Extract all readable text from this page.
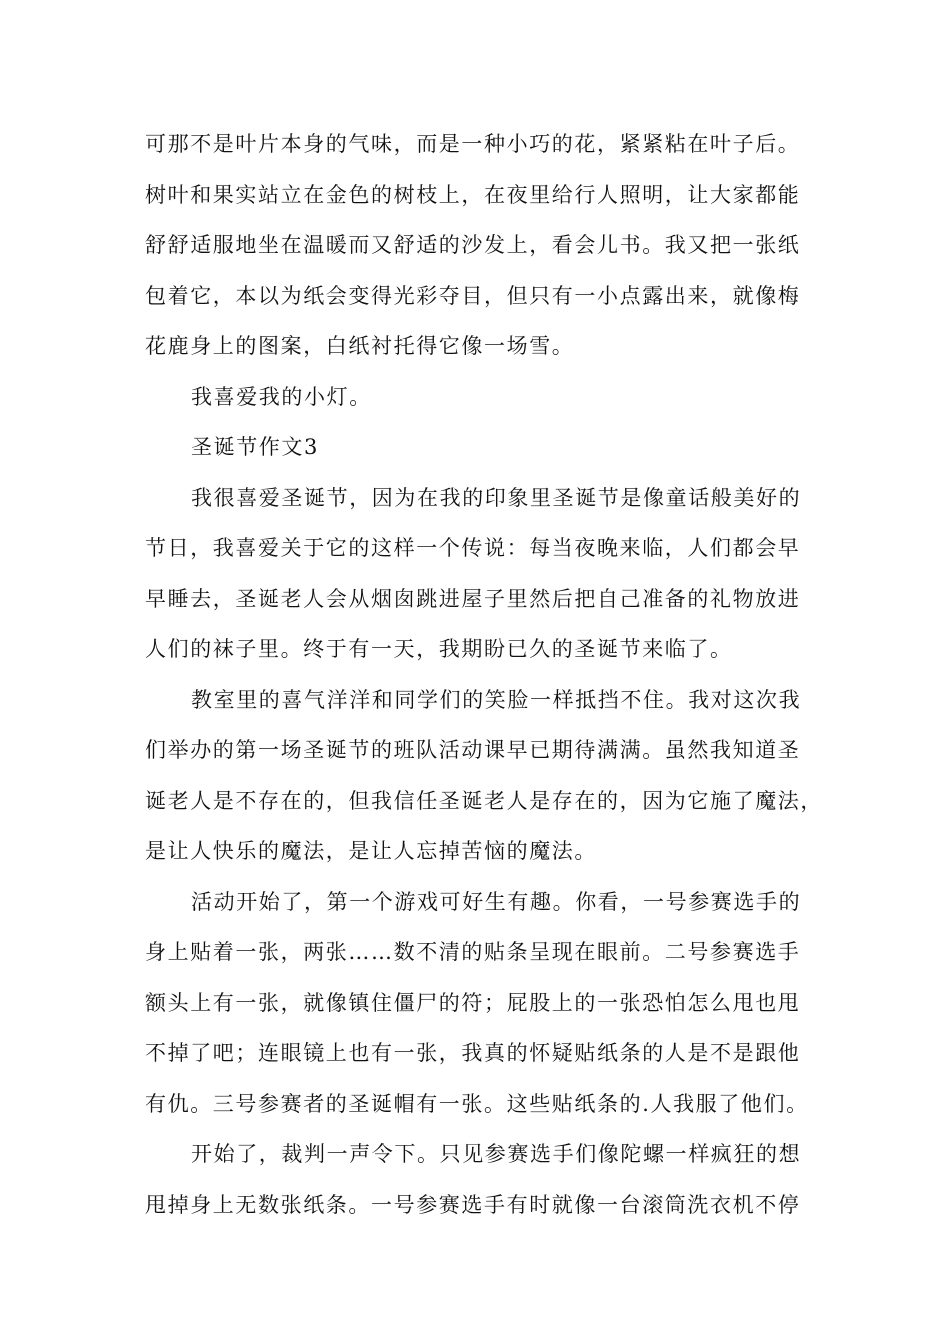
可那不是叶片本身的气味，而是一种小巧的花，紧紧粘在叶子后。
树叶和果实站立在金色的树枝上，在夜里给行人照明，让大家都能
舒舒适服地坐在温暖而又舒适的沙发上，看会儿书。我又把一张纸
包着它，本以为纸会变得光彩夺目，但只有一小点露出来，就像梅
花鹿身上的图案，白纸衬托得它像一场雪。
我喜爱我的小灯。
圣诞节作文3
我很喜爱圣诞节，因为在我的印象里圣诞节是像童话般美好的
节日，我喜爱关于它的这样一个传说：每当夜晚来临，人们都会早
早睡去，圣诞老人会从烟囱跳进屋子里然后把自己准备的礼物放进
人们的袜子里。终于有一天，我期盼已久的圣诞节来临了。
教室里的喜气洋洋和同学们的笑脸一样抵挡不住。我对这次我
们举办的第一场圣诞节的班队活动课早已期待满满。虽然我知道圣
诞老人是不存在的，但我信任圣诞老人是存在的，因为它施了魔法，
是让人快乐的魔法，是让人忘掉苦恼的魔法。
活动开始了，第一个游戏可好生有趣。你看，一号参赛选手的
身上贴着一张，两张……数不清的贴条呈现在眼前。二号参赛选手
额头上有一张，就像镇住僵尸的符；屁股上的一张恐怕怎么甩也甩
不掉了吧；连眼镜上也有一张，我真的怀疑贴纸条的人是不是跟他
有仇。三号参赛者的圣诞帽有一张。这些贴纸条的.人我服了他们。
开始了，裁判一声令下。只见参赛选手们像陀螺一样疯狂的想
甩掉身上无数张纸条。一号参赛选手有时就像一台滚筒洗衣机不停
